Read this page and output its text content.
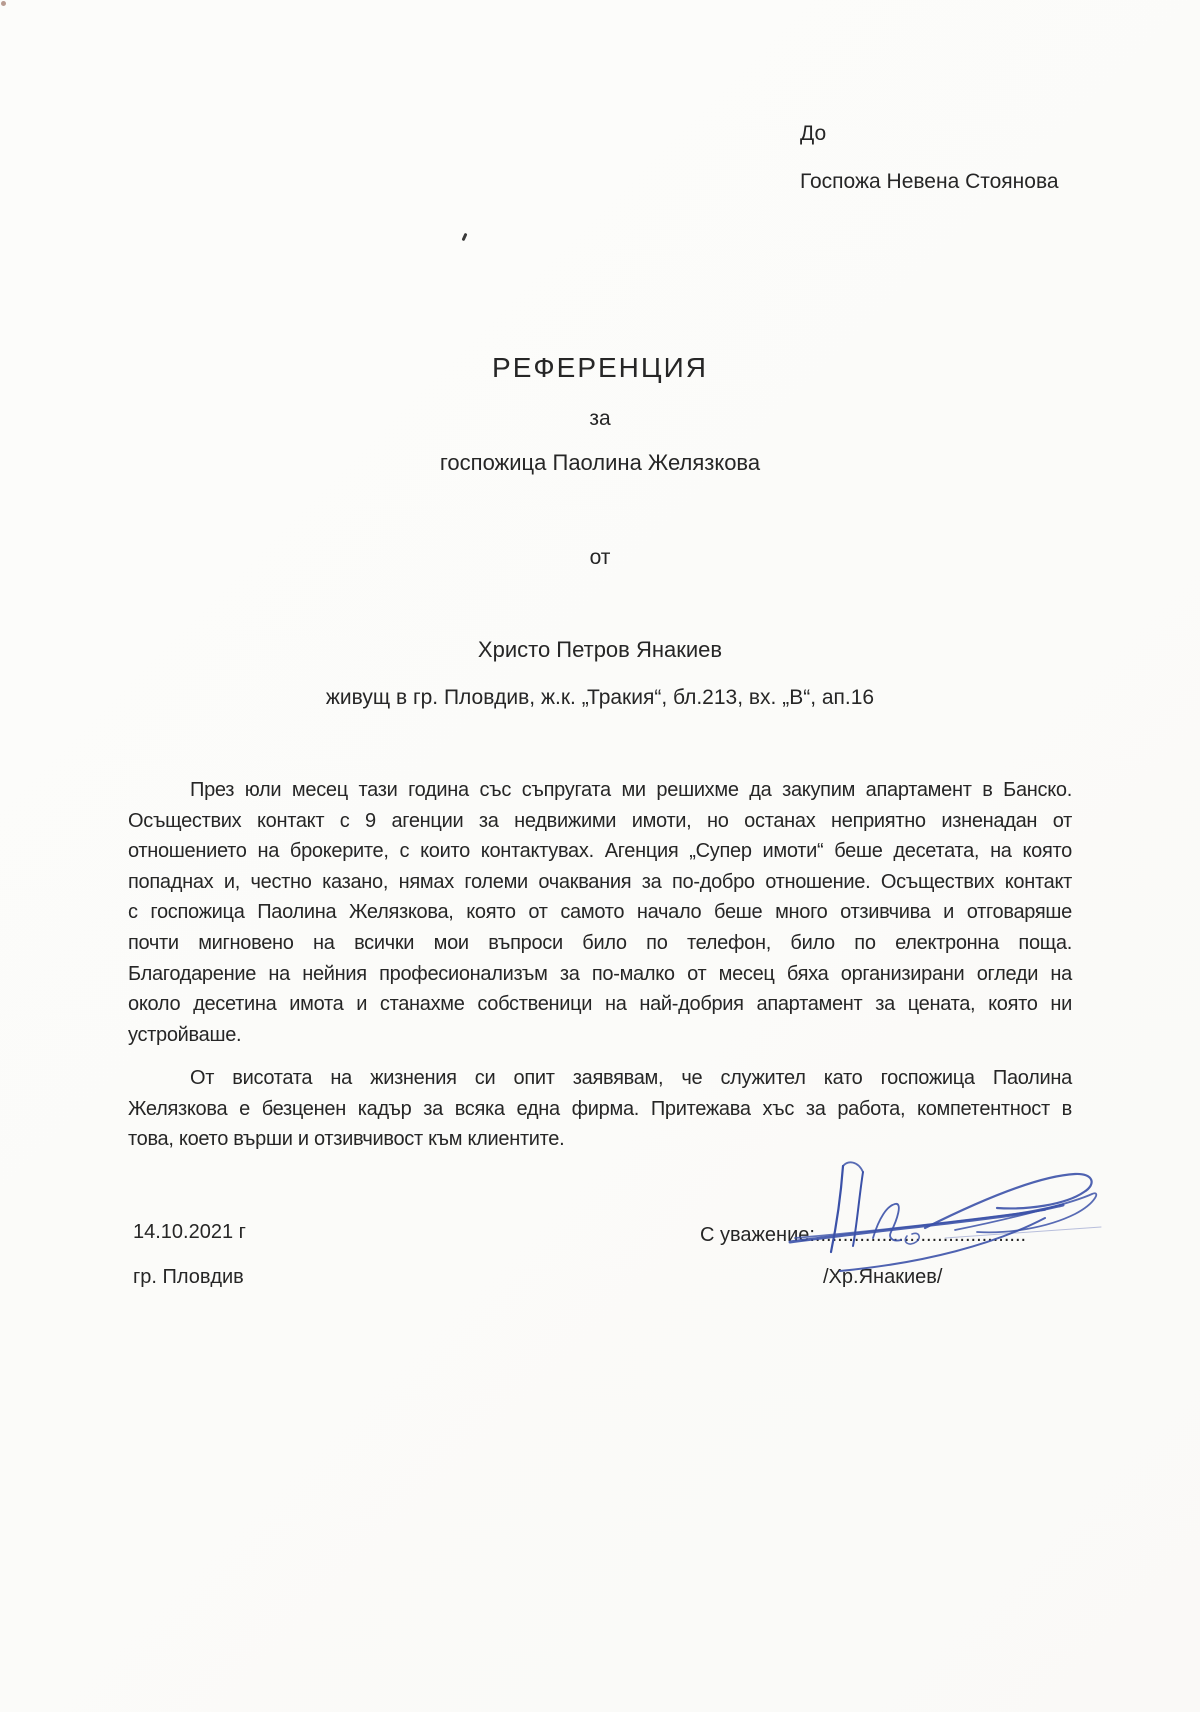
До
Госпожа Невена Стоянова
РЕФЕРЕНЦИЯ
за
госпожица Паолина Желязкова
от
Христо Петров Янакиев
живущ в гр. Пловдив, ж.к. „Тракия“, бл.213, вх. „В“, ап.16
През юли месец тази година със съпругата ми решихме да закупим апартамент в Банско.
Осъществих контакт с 9 агенции за недвижими имоти, но останах неприятно изненадан от
отношението на брокерите, с които контактувах. Агенция „Супер имоти“ беше десетата, на която
попаднах и, честно казано, нямах големи очаквания за по-добро отношение. Осъществих контакт
с госпожица Паолина Желязкова, която от самото начало беше много отзивчива и отговаряше
почти мигновено на всички мои въпроси било по телефон, било по електронна поща.
Благодарение на нейния професионализъм за по-малко от месец бяха организирани огледи на
около десетина имота и станахме собственици на най-добрия апартамент за цената, която ни
устройваше.
От висотата на жизнения си опит заявявам, че служител като госпожица Паолина
Желязкова е безценен кадър за всяка една фирма. Притежава хъс за работа, компетентност в
това, което върши и отзивчивост към клиентите.
14.10.2021 г
гр. Пловдив
С уважение:......................................
/Хр.Янакиев/
